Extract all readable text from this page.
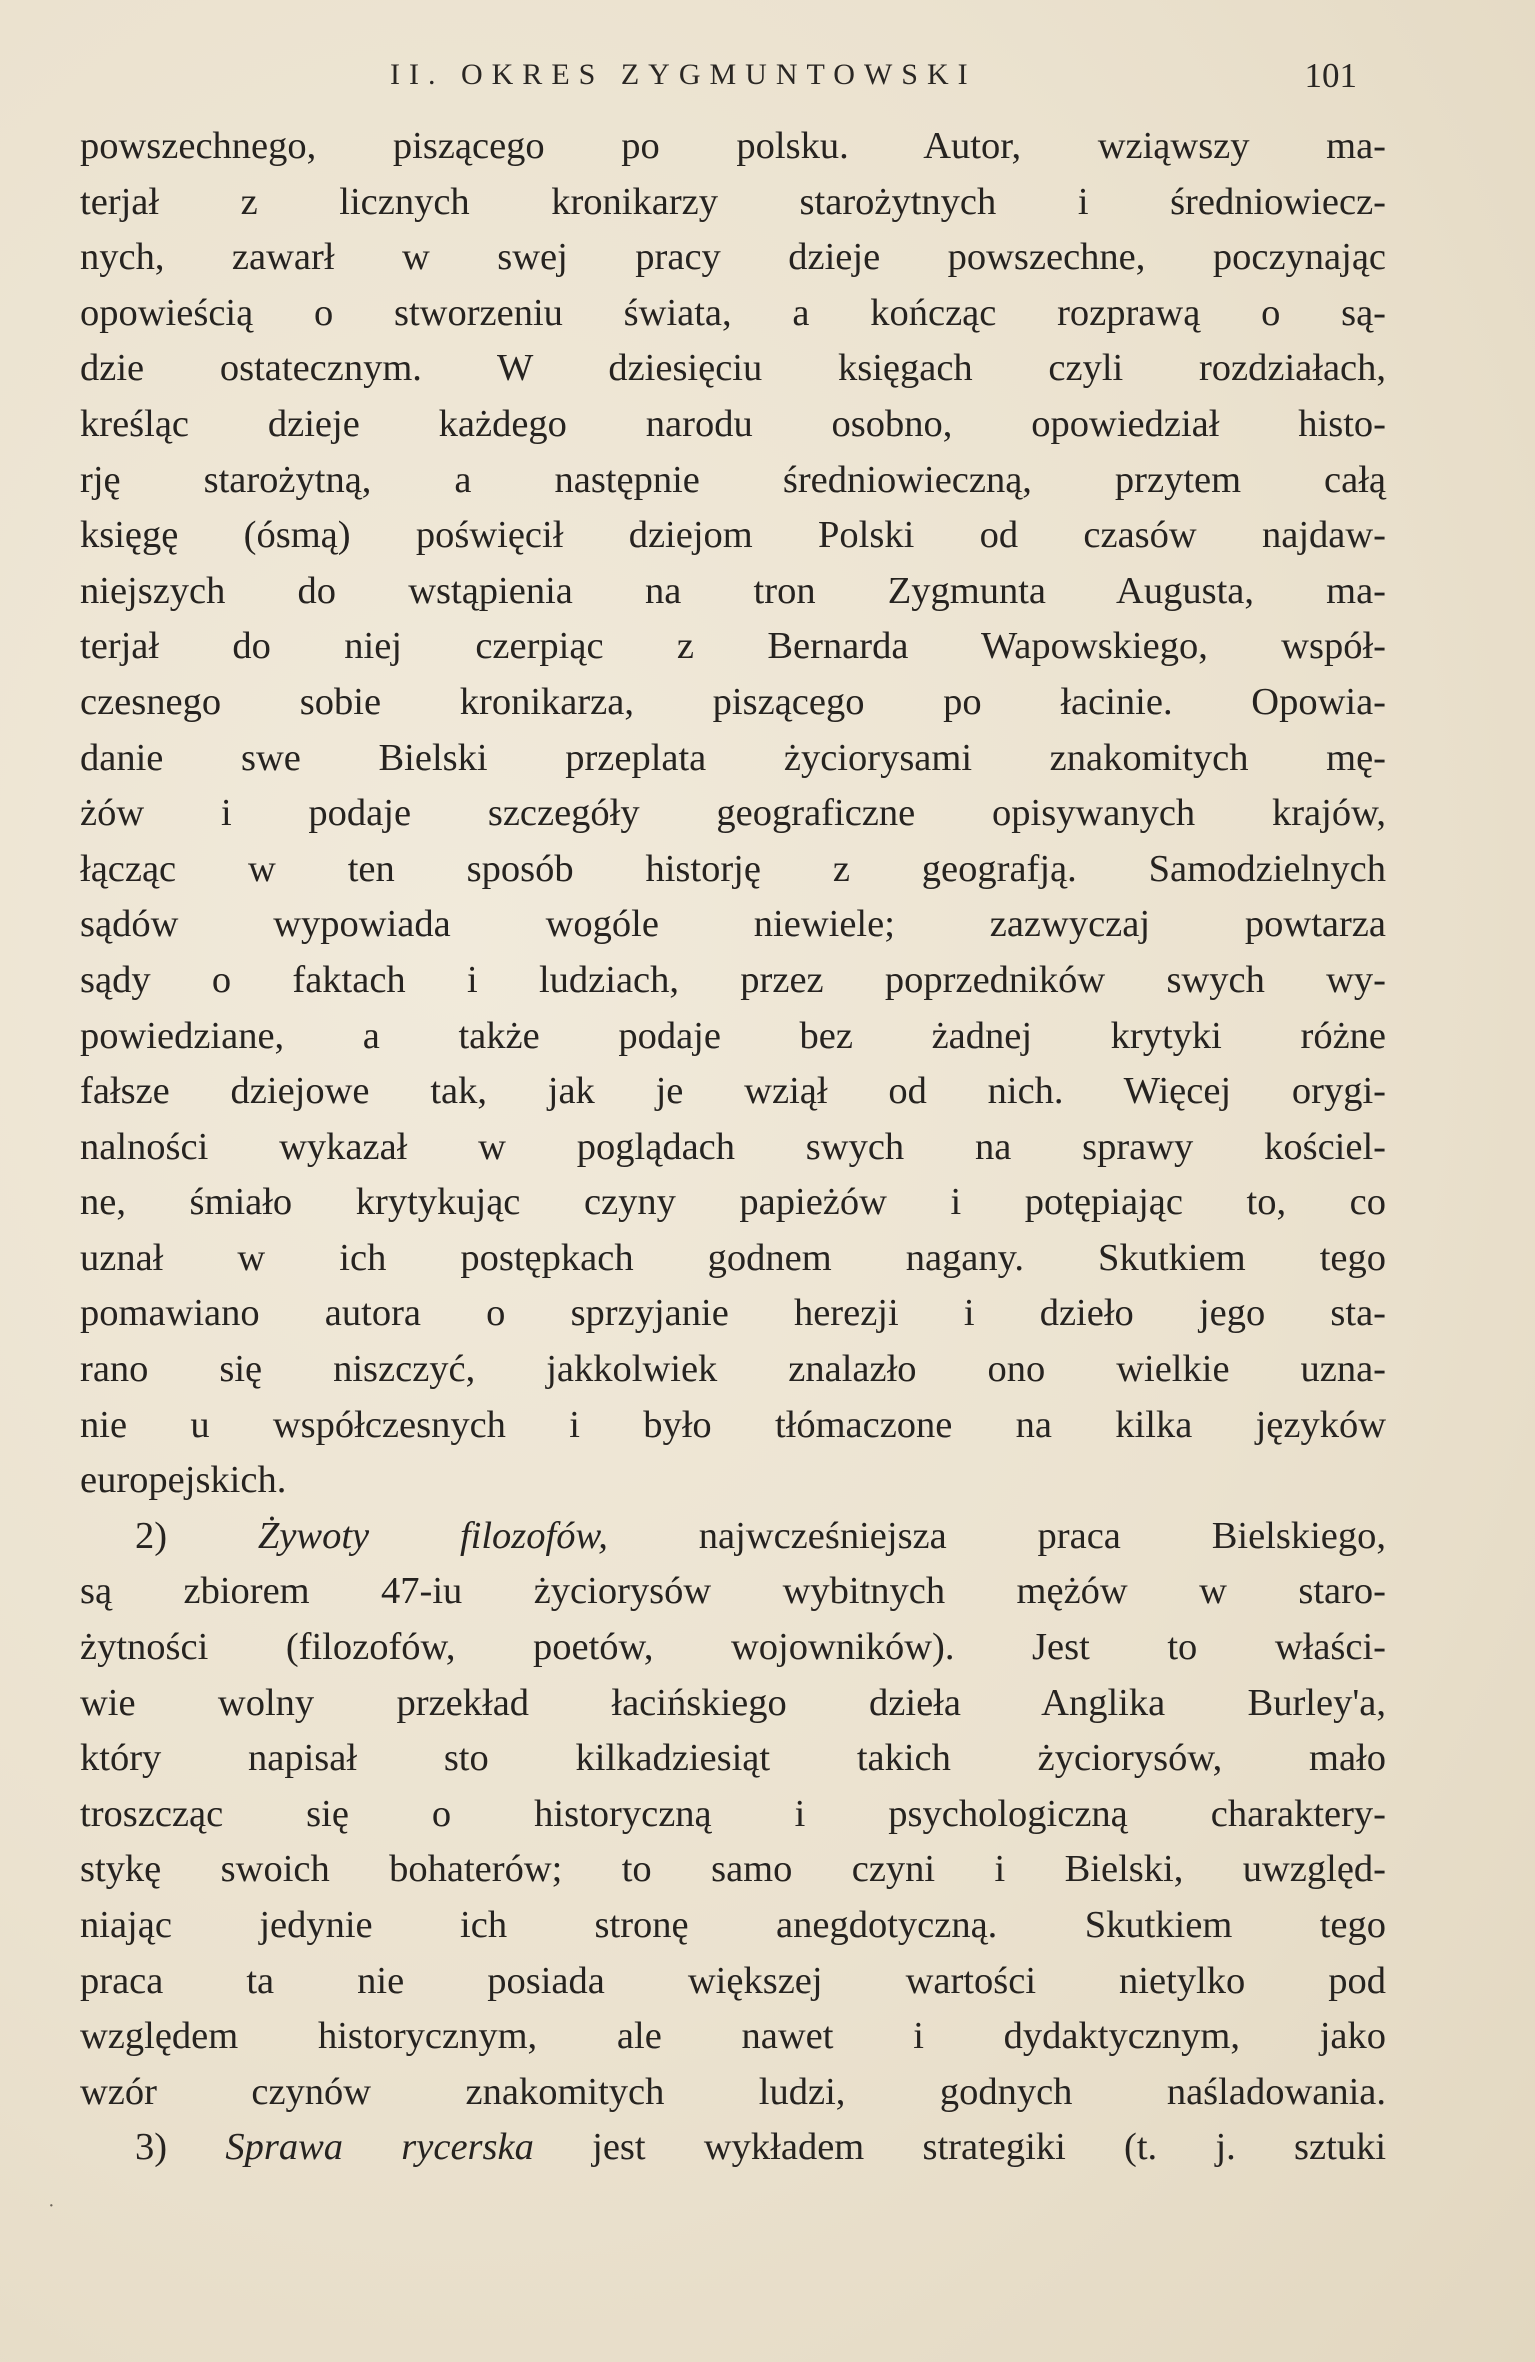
II. OKRES ZYGMUNTOWSKI	101
powszechnego, piszącego po polsku. Autor, wziąwszy ma-
terjał z licznych kronikarzy starożytnych i średniowiecz-
nych, zawarł w swej pracy dzieje powszechne, poczynając
opowieścią o stworzeniu świata, a kończąc rozprawą o są-
dzie ostatecznym. W dziesięciu księgach czyli rozdziałach,
kreśląc dzieje każdego narodu osobno, opowiedział histo-
rję starożytną, a następnie średniowieczną, przytem całą
księgę (ósmą) poświęcił dziejom Polski od czasów najdaw-
niejszych do wstąpienia na tron Zygmunta Augusta, ma-
terjał do niej czerpiąc z Bernarda Wapowskiego, współ-
czesnego sobie kronikarza, piszącego po łacinie. Opowia-
danie swe Bielski przeplata życiorysami znakomitych mę-
żów i podaje szczegóły geograficzne opisywanych krajów,
łącząc w ten sposób historję z geografją. Samodzielnych
sądów wypowiada wogóle niewiele; zazwyczaj powtarza
sądy o faktach i ludziach, przez poprzedników swych wy-
powiedziane, a także podaje bez żadnej krytyki różne
fałsze dziejowe tak, jak je wziął od nich. Więcej orygi-
nalności wykazał w poglądach swych na sprawy kościel-
ne, śmiało krytykując czyny papieżów i potępiając to, co
uznał w ich postępkach godnem nagany. Skutkiem tego
pomawiano autora o sprzyjanie herezji i dzieło jego sta-
rano się niszczyć, jakkolwiek znalazło ono wielkie uzna-
nie u współczesnych i było tłómaczone na kilka języków
europejskich.
2) Żywoty filozofów, najwcześniejsza praca Bielskiego,
są zbiorem 47-iu życiorysów wybitnych mężów w staro-
żytności (filozofów, poetów, wojowników). Jest to właści-
wie wolny przekład łacińskiego dzieła Anglika Burley'a,
który napisał sto kilkadziesiąt takich życiorysów, mało
troszcząc się o historyczną i psychologiczną charaktery-
stykę swoich bohaterów; to samo czyni i Bielski, uwzględ-
niając jedynie ich stronę anegdotyczną. Skutkiem tego
praca ta nie posiada większej wartości nietylko pod
względem historycznym, ale nawet i dydaktycznym, jako
wzór czynów znakomitych ludzi, godnych naśladowania.
3) Sprawa rycerska jest wykładem strategiki (t. j. sztuki
·
